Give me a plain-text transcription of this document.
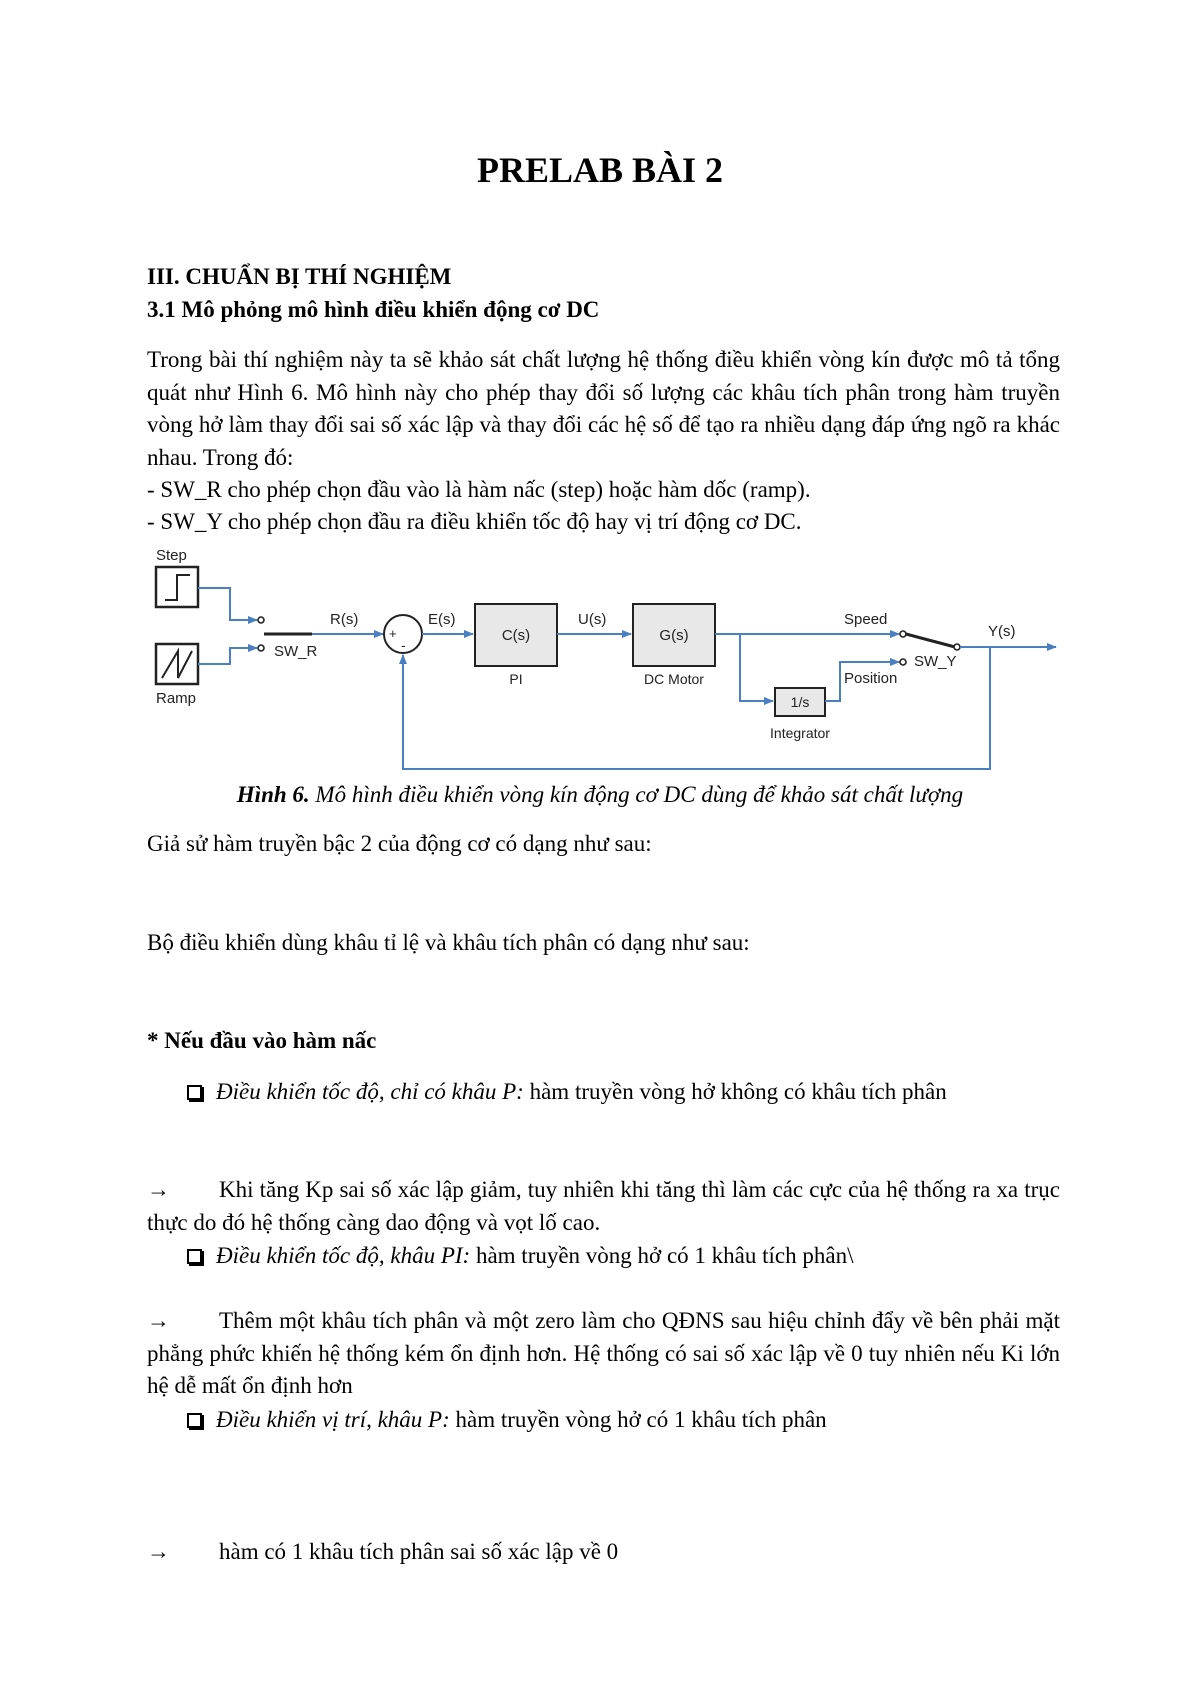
PRELAB BÀI 2
III. CHUẨN BỊ THÍ NGHIỆM
3.1 Mô phỏng mô hình điều khiển động cơ DC
Trong bài thí nghiệm này ta sẽ khảo sát chất lượng hệ thống điều khiển vòng kín được mô tả tổng quát như Hình 6. Mô hình này cho phép thay đổi số lượng các khâu tích phân trong hàm truyền vòng hở làm thay đổi sai số xác lập và thay đổi các hệ số để tạo ra nhiều dạng đáp ứng ngõ ra khác nhau. Trong đó:
- SW_R cho phép chọn đầu vào là hàm nấc (step) hoặc hàm dốc (ramp).
- SW_Y cho phép chọn đầu ra điều khiển tốc độ hay vị trí động cơ DC.
Step
Ramp
SW_R
R(s)
+
-
E(s)
C(s)
PI
U(s)
G(s)
DC Motor
Speed
1/s
Integrator
Position
SW_Y
Y(s)
Hình 6. Mô hình điều khiển vòng kín động cơ DC dùng để khảo sát chất lượng
Giả sử hàm truyền bậc 2 của động cơ có dạng như sau:
Bộ điều khiển dùng khâu tỉ lệ và khâu tích phân có dạng như sau:
* Nếu đầu vào hàm nấc
Điều khiển tốc độ, chỉ có khâu P: hàm truyền vòng hở không có khâu tích phân
→ Khi tăng Kp sai số xác lập giảm, tuy nhiên khi tăng thì làm các cực của hệ thống ra xa trục thực do đó hệ thống càng dao động và vọt lố cao.
Điều khiển tốc độ, khâu PI: hàm truyền vòng hở có 1 khâu tích phân\
→ Thêm một khâu tích phân và một zero làm cho QĐNS sau hiệu chỉnh đẩy về bên phải mặt phẳng phức khiến hệ thống kém ổn định hơn. Hệ thống có sai số xác lập về 0 tuy nhiên nếu Ki lớn hệ dễ mất ổn định hơn
Điều khiển vị trí, khâu P: hàm truyền vòng hở có 1 khâu tích phân
→ hàm có 1 khâu tích phân sai số xác lập về 0
